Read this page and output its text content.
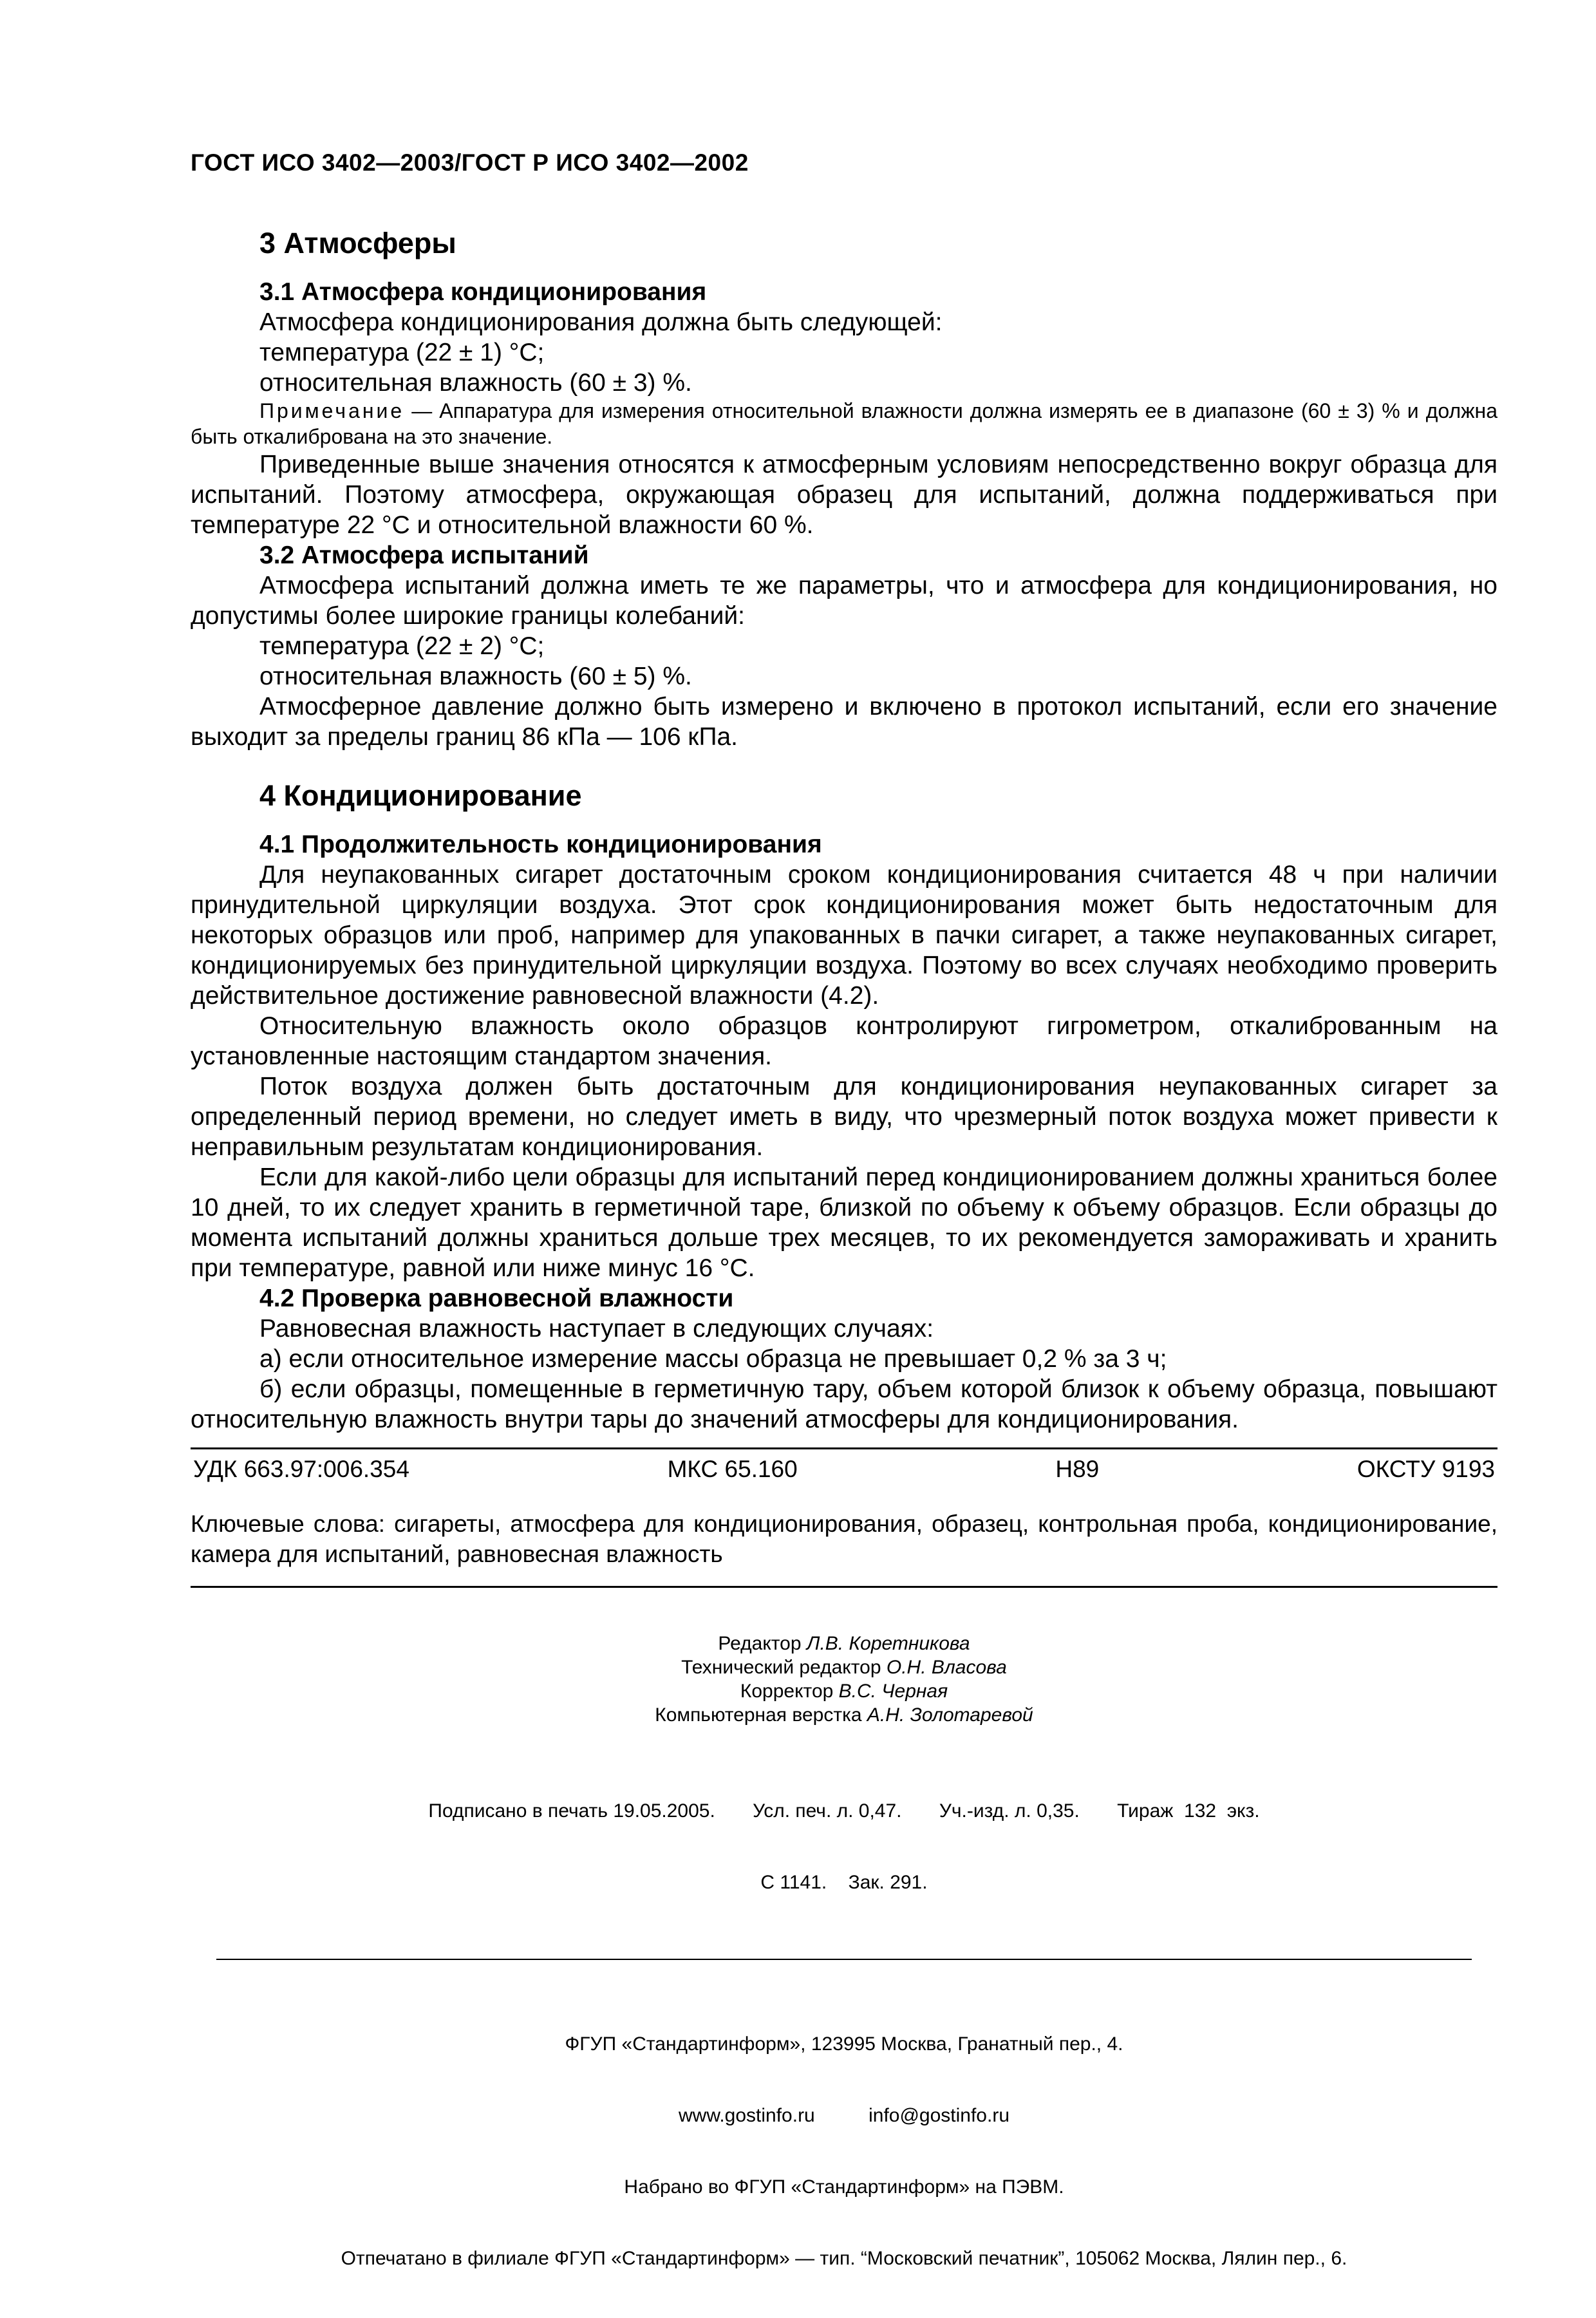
ГОСТ ИСО 3402—2003/ГОСТ Р ИСО 3402—2002
3 Атмосферы

3.1 Атмосфера кондиционирования

Атмосфера кондиционирования должна быть следующей:

температура (22 ± 1) °С;

относительная влажность (60 ± 3) %.

Примечание — Аппаратура для измерения относительной влажности должна измерять ее в диапазоне (60 ± 3) % и должна быть откалибрована на это значение.

Приведенные выше значения относятся к атмосферным условиям непосредственно вокруг образца для испытаний. Поэтому атмосфера, окружающая образец для испытаний, должна поддерживаться при температуре 22 °С и относительной влажности 60 %.

3.2 Атмосфера испытаний

Атмосфера испытаний должна иметь те же параметры, что и атмосфера для кондиционирования, но допустимы более широкие границы колебаний:

температура (22 ± 2) °С;

относительная влажность (60 ± 5) %.

Атмосферное давление должно быть измерено и включено в протокол испытаний, если его значение выходит за пределы границ 86 кПа — 106 кПа.

4 Кондиционирование

4.1 Продолжительность кондиционирования

Для неупакованных сигарет достаточным сроком кондиционирования считается 48 ч при наличии принудительной циркуляции воздуха. Этот срок кондиционирования может быть недостаточным для некоторых образцов или проб, например для упакованных в пачки сигарет, а также неупакованных сигарет, кондиционируемых без принудительной циркуляции воздуха. Поэтому во всех случаях необходимо проверить действительное достижение равновесной влажности (4.2).

Относительную влажность около образцов контролируют гигрометром, откалиброванным на установленные настоящим стандартом значения.

Поток воздуха должен быть достаточным для кондиционирования неупакованных сигарет за определенный период времени, но следует иметь в виду, что чрезмерный поток воздуха может привести к неправильным результатам кондиционирования.

Если для какой-либо цели образцы для испытаний перед кондиционированием должны храниться более 10 дней, то их следует хранить в герметичной таре, близкой по объему к объему образцов. Если образцы до момента испытаний должны храниться дольше трех месяцев, то их рекомендуется замораживать и хранить при температуре, равной или ниже минус 16 °С.

4.2 Проверка равновесной влажности

Равновесная влажность наступает в следующих случаях:

а) если относительное измерение массы образца не превышает 0,2 % за 3 ч;

б) если образцы, помещенные в герметичную тару, объем которой близок к объему образца, повышают относительную влажность внутри тары до значений атмосферы для кондиционирования.

УДК 663.97:006.354	МКС 65.160	Н89	ОКСТУ 9193

Ключевые слова: сигареты, атмосфера для кондиционирования, образец, контрольная проба, кондиционирование, камера для испытаний, равновесная влажность

Редактор Л.В. Коретникова
Технический редактор О.Н. Власова
Корректор В.С. Черная
Компьютерная верстка А.Н. Золотаревой

Подписано в печать 19.05.2005.       Усл. печ. л. 0,47.       Уч.-изд. л. 0,35.       Тираж  132  экз.

С 1141.    Зак. 291.

ФГУП «Стандартинформ», 123995 Москва, Гранатный пер., 4.

www.gostinfo.ru          info@gostinfo.ru

Набрано во ФГУП «Стандартинформ» на ПЭВМ.

Отпечатано в филиале ФГУП «Стандартинформ» — тип. “Московский печатник”, 105062 Москва, Лялин пер., 6.
